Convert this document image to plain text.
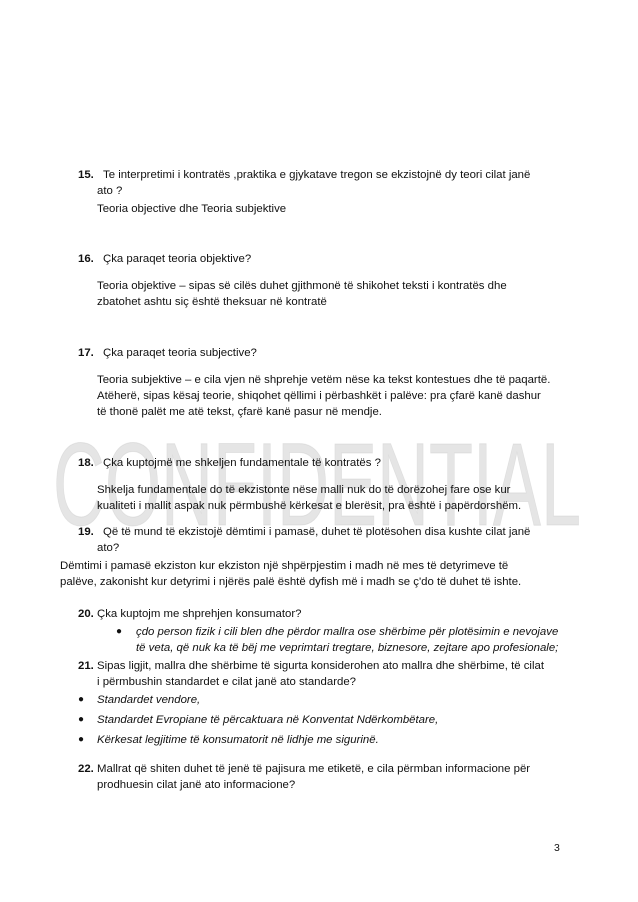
CONFIDENTIAL
15. Te interpretimi i kontratës ,praktika e gjykatave tregon se ekzistojnë dy teori cilat janë
ato ?
Teoria objective dhe Teoria subjektive
16. Çka paraqet teoria objektive?
Teoria objektive – sipas së cilës duhet gjithmonë të shikohet teksti i kontratës dhe
zbatohet ashtu siç është theksuar në kontratë
17. Çka paraqet teoria subjective?
Teoria subjektive – e cila vjen në shprehje vetëm nëse ka tekst kontestues dhe të paqartë.
Atëherë, sipas kësaj teorie, shiqohet qëllimi i përbashkët i palëve: pra çfarë kanë dashur
të thonë palët me atë tekst, çfarë kanë pasur në mendje.
18. Çka kuptojmë me shkeljen fundamentale të kontratës ?
Shkelja fundamentale do të ekzistonte nëse malli nuk do të dorëzohej fare ose kur
kualiteti i mallit aspak nuk përmbushë kërkesat e blerësit, pra është i papërdorshëm.
19. Që të mund të ekzistojë dëmtimi i pamasë, duhet të plotësohen disa kushte cilat janë
ato?
Dëmtimi i pamasë ekziston kur ekziston një shpërpjestim i madh në mes të detyrimeve të
palëve, zakonisht kur detyrimi i njërës palë është dyfish më i madh se ç'do të duhet të ishte.
20. Çka kuptojm me shprehjen konsumator?
● çdo person fizik i cili blen dhe përdor mallra ose shërbime për plotësimin e nevojave
të veta, që nuk ka të bëj me veprimtari tregtare, biznesore, zejtare apo profesionale;
21. Sipas ligjit, mallra dhe shërbime të sigurta konsiderohen ato mallra dhe shërbime, të cilat
i përmbushin standardet e cilat janë ato standarde?
● Standardet vendore,
● Standardet Evropiane të përcaktuara në Konventat Ndërkombëtare,
● Kërkesat legjitime të konsumatorit në lidhje me sigurinë.
22. Mallrat që shiten duhet të jenë të pajisura me etiketë, e cila përmban informacione për
prodhuesin cilat janë ato informacione?
3
